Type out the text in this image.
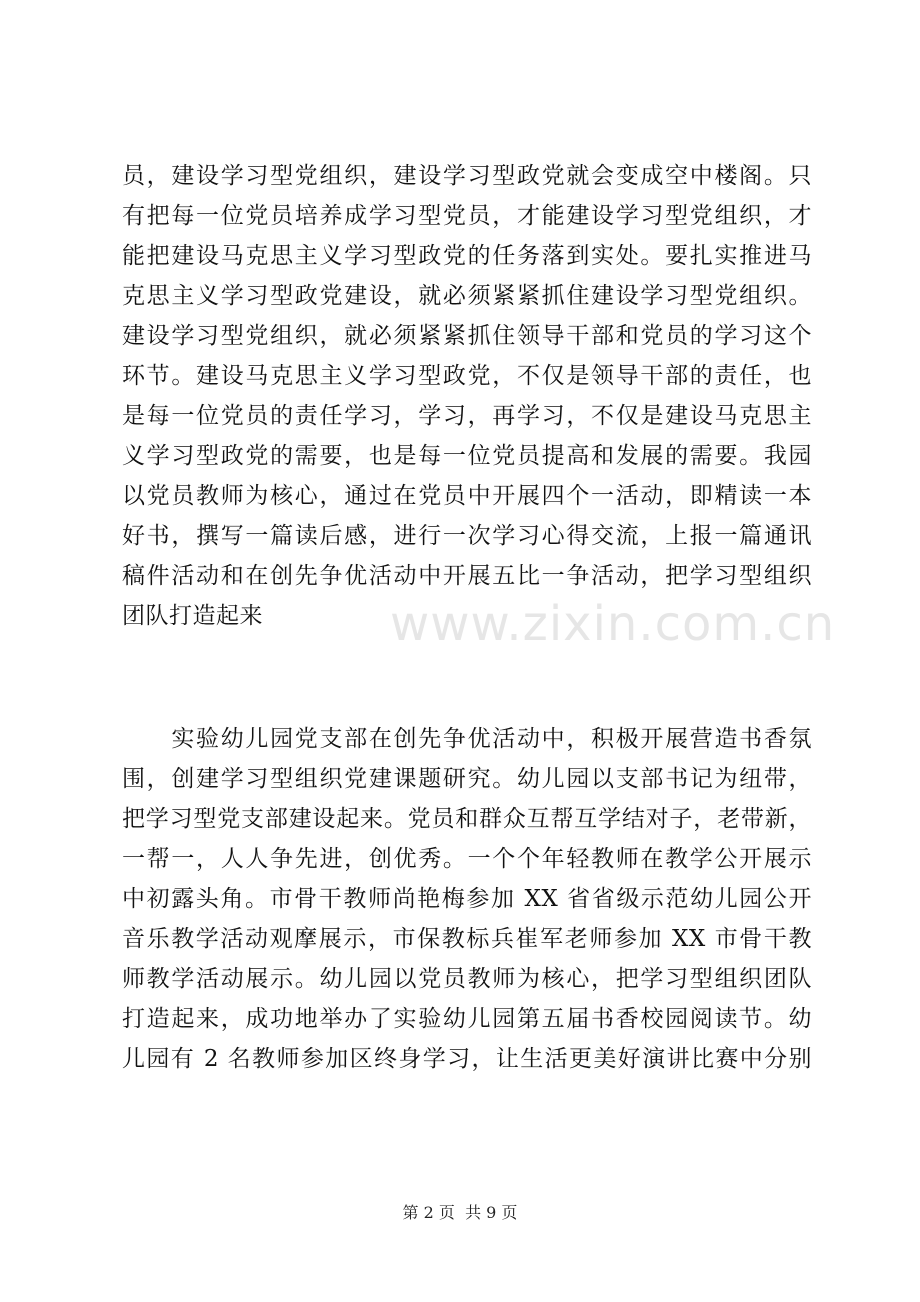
员，建设学习型党组织，建设学习型政党就会变成空中楼阁。只
有把每一位党员培养成学习型党员，才能建设学习型党组织，才
能把建设马克思主义学习型政党的任务落到实处。要扎实推进马
克思主义学习型政党建设，就必须紧紧抓住建设学习型党组织。
建设学习型党组织，就必须紧紧抓住领导干部和党员的学习这个
环节。建设马克思主义学习型政党，不仅是领导干部的责任，也
是每一位党员的责任学习，学习，再学习，不仅是建设马克思主
义学习型政党的需要，也是每一位党员提高和发展的需要。我园
以党员教师为核心，通过在党员中开展四个一活动，即精读一本
好书，撰写一篇读后感，进行一次学习心得交流，上报一篇通讯
稿件活动和在创先争优活动中开展五比一争活动，把学习型组织
团队打造起来
　　实验幼儿园党支部在创先争优活动中，积极开展营造书香氛
围，创建学习型组织党建课题研究。幼儿园以支部书记为纽带，
把学习型党支部建设起来。党员和群众互帮互学结对子，老带新，
一帮一，人人争先进，创优秀。一个个年轻教师在教学公开展示
中初露头角。市骨干教师尚艳梅参加 XX 省省级示范幼儿园公开
音乐教学活动观摩展示，市保教标兵崔军老师参加 XX 市骨干教
师教学活动展示。幼儿园以党员教师为核心，把学习型组织团队
打造起来，成功地举办了实验幼儿园第五届书香校园阅读节。幼
儿园有 2 名教师参加区终身学习，让生活更美好演讲比赛中分别
www.zixin.com.cn
第 2 页  共 9 页
